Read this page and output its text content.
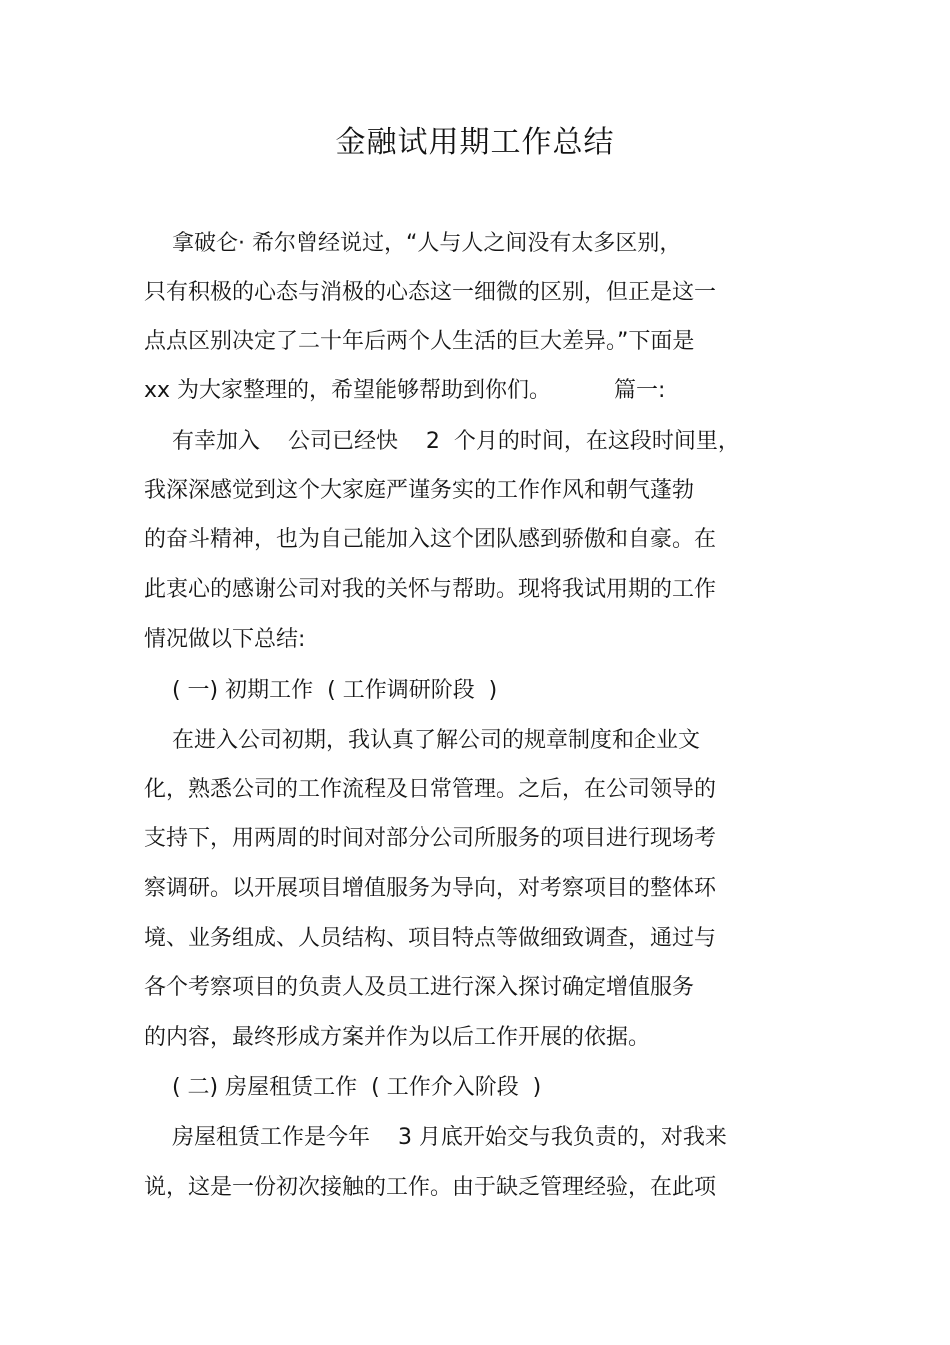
金融试用期工作总结
拿破仑· 希尔曾经说过，“人与人之间没有太多区别，
只有积极的心态与消极的心态这一细微的区别，但正是这一
点点区别决定了二十年后两个人生活的巨大差异。”下面是
xx 为大家整理的，希望能够帮助到你们。         篇一:
有幸加入    公司已经快    2  个月的时间，在这段时间里，
我深深感觉到这个大家庭严谨务实的工作作风和朝气蓬勃
的奋斗精神，也为自己能加入这个团队感到骄傲和自豪。在
此衷心的感谢公司对我的关怀与帮助。现将我试用期的工作
情况做以下总结:
( 一) 初期工作  ( 工作调研阶段  )
在进入公司初期，我认真了解公司的规章制度和企业文
化，熟悉公司的工作流程及日常管理。之后，在公司领导的
支持下，用两周的时间对部分公司所服务的项目进行现场考
察调研。以开展项目增值服务为导向，对考察项目的整体环
境、业务组成、人员结构、项目特点等做细致调查，通过与
各个考察项目的负责人及员工进行深入探讨确定增值服务
的内容，最终形成方案并作为以后工作开展的依据。
( 二) 房屋租赁工作  ( 工作介入阶段  )
房屋租赁工作是今年    3 月底开始交与我负责的，对我来
说，这是一份初次接触的工作。由于缺乏管理经验，在此项
